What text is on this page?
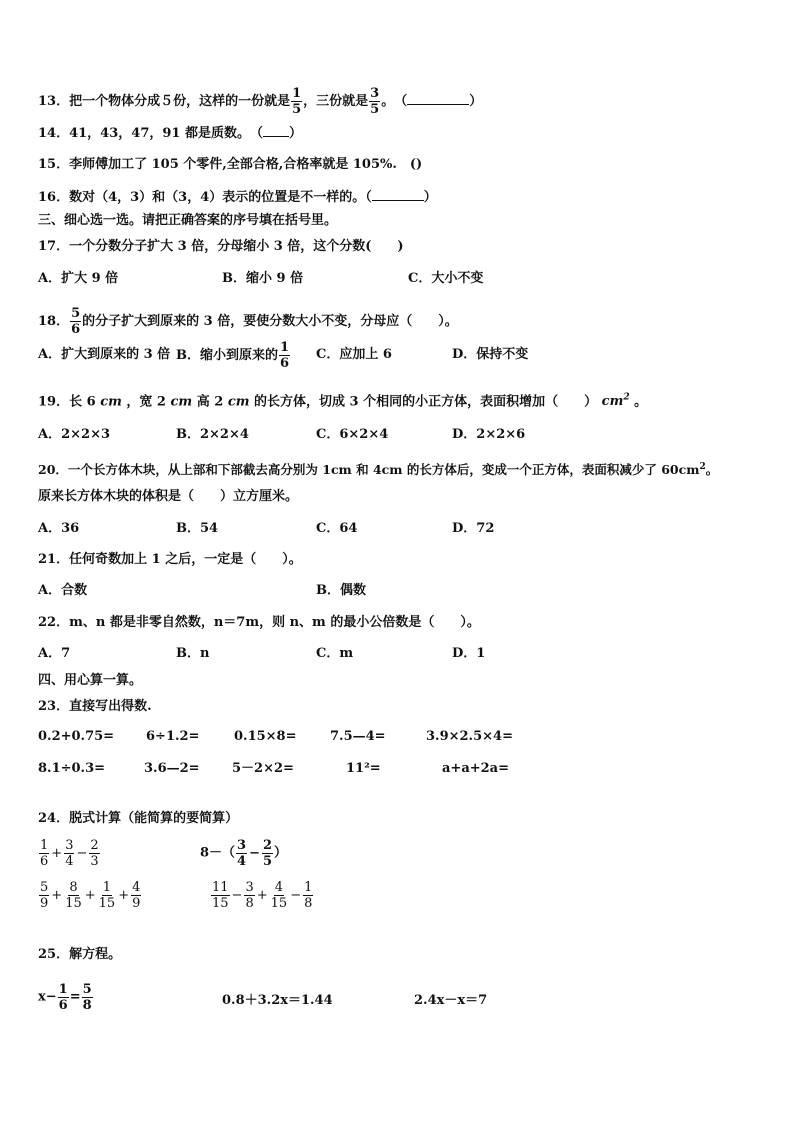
13．把一个物体分成５份，这样的一份就是 $\frac{1}{5}$ ，三份就是 $\frac{3}{5}$ 。　 （	）
14．41，43，47，91 都是质数。　 （ ）
15．李师傅加工了 105 个零件,全部合格,合格率就是 105%.　()
16．数对（4，3）和（3，4）表示的位置是不一样的。（	）
三、细心选一选。请把正确答案的序号填在括号里。
17．一个分数分子扩大 3 倍，分母缩小 3 倍，这个分数(　　)
A．扩大 9 倍	B．缩小 9 倍	C．大小不变
18． $\frac{5}{6}$ 的分子扩大到原来的 3 倍，要使分数大小不变，分母应（　　）。
A．扩大到原来的 3 倍 B．缩小到原来的 $\frac{1}{6}$ C．应加上 6	D．保持不变
19．长 6 cm ，宽 2 cm 高 2 cm 的长方体，切成 3 个相同的小正方体，表面积增加（　　） $cm^2$ 。
A．2×2×3	B．2×2×4	C．6×2×4	D．2×2×6
20．一个长方体木块，从上部和下部截去高分别为 1cm 和 4cm 的长方体后，变成一个正方体，表面积减少了 $60cm^2$。
原来长方体木块的体积是（　　）立方厘米。
A．36	B．54	C．64	D．72
21．任何奇数加上 1 之后，一定是（　　）。
A．合数	B．偶数
22．m、n 都是非零自然数，n＝7m，则 n、m 的最小公倍数是（　　）。
A．7	B．n	C．m	D．1
四、用心算一算。
23．直接写出得数.
0.2+0.75= 6÷1.2=	0.15×8=	7.5—4=	3.9×2.5×4=
8.1÷0.3=	3.6—2= 5－2×2=	11²=	a+a+2a=
24．脱式计算（能简算的要简算）
$\frac{1}{6} + \frac{3}{4} - \frac{2}{3}$	$8-( \frac{3}{4} - \frac{2}{5}$ ）
$\frac{5}{9} + \frac{8}{15} + \frac{1}{15} + \frac{4}{9}$	$\frac{11}{15} - \frac{3}{8} + \frac{4}{15} - \frac{1}{8}$
25．解方程。
$x- \frac{1}{6} = \frac{5}{8}$	0.8＋3.2x＝1.44	2.4x－x＝7
